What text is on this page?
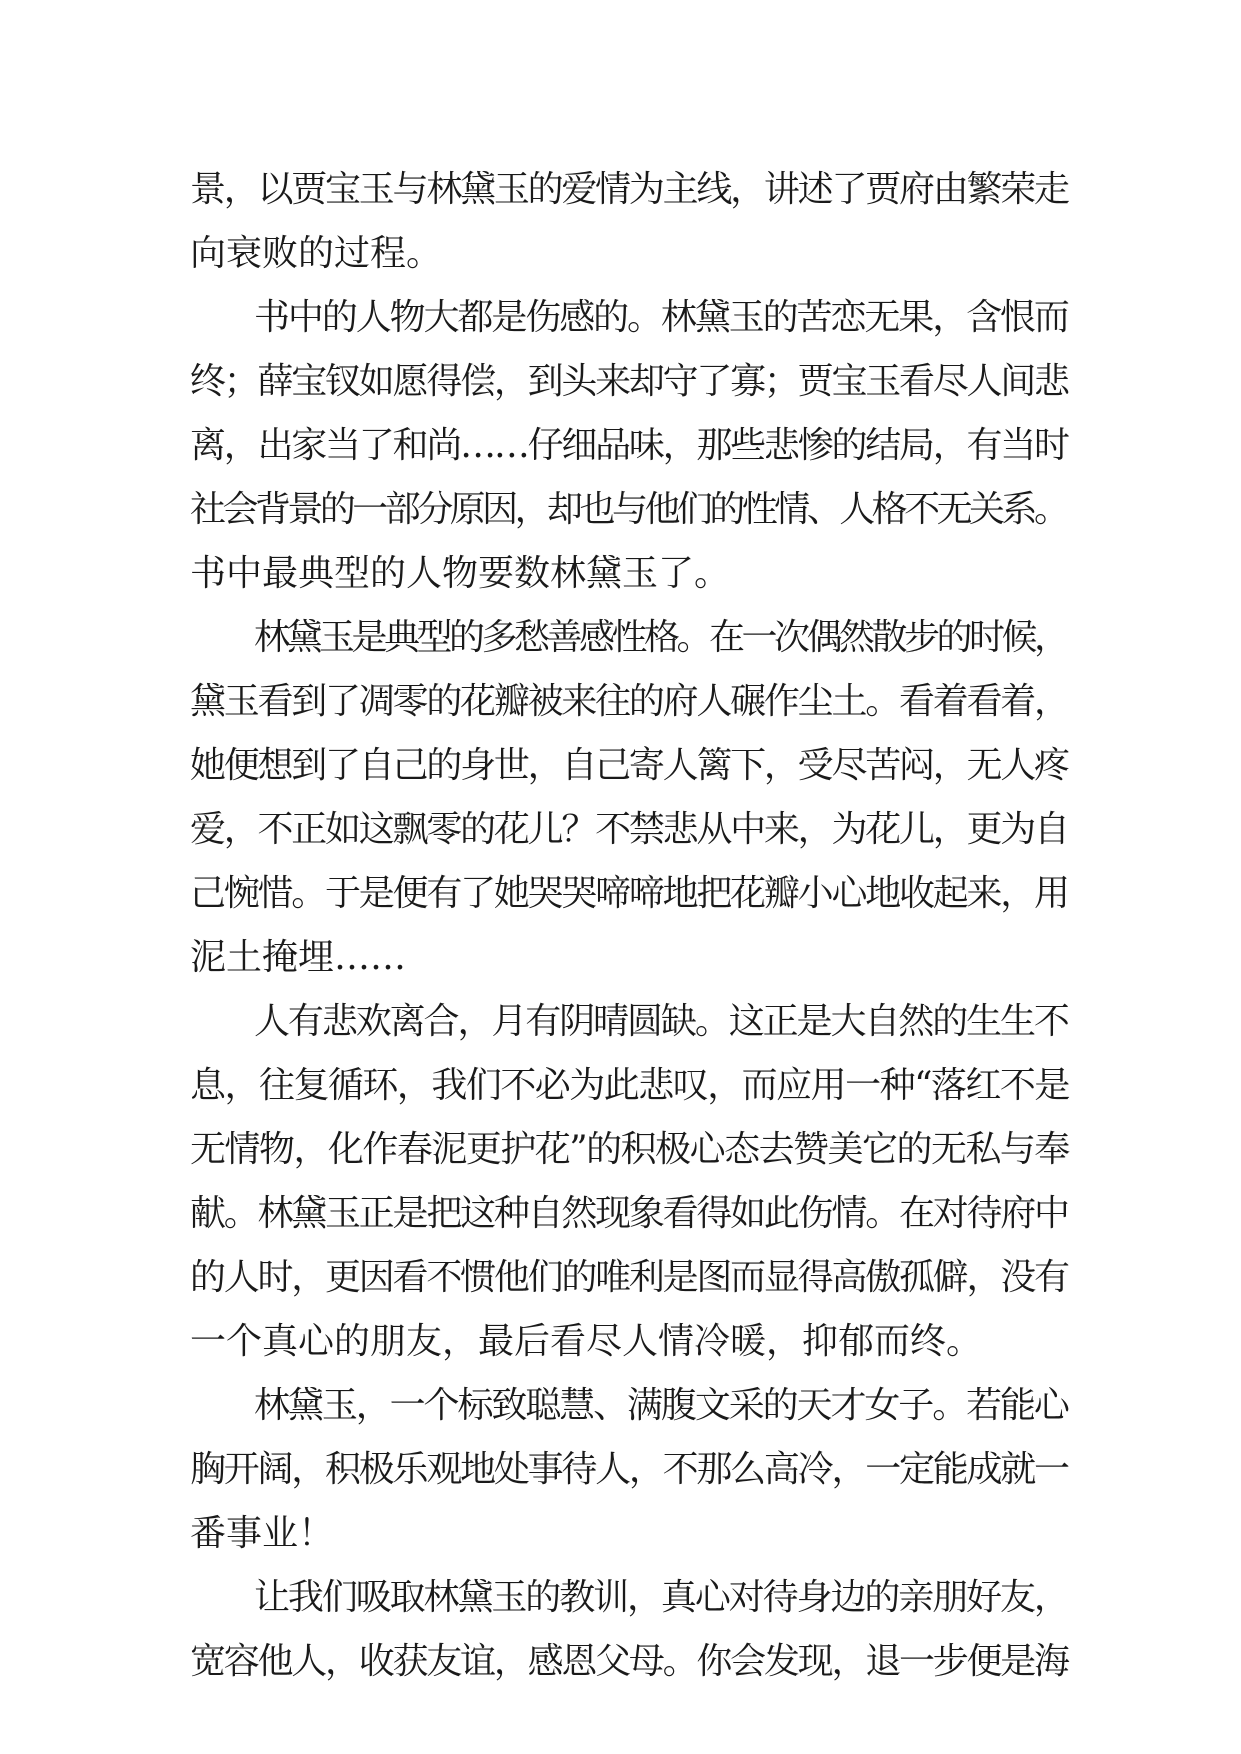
景，以贾宝玉与林黛玉的爱情为主线，讲述了贾府由繁荣走
向衰败的过程。
书中的人物大都是伤感的。林黛玉的苦恋无果，含恨而
终；薛宝钗如愿得偿，到头来却守了寡；贾宝玉看尽人间悲
离，出家当了和尚……仔细品味，那些悲惨的结局，有当时
社会背景的一部分原因，却也与他们的性情、人格不无关系。
书中最典型的人物要数林黛玉了。
林黛玉是典型的多愁善感性格。在一次偶然散步的时候，
黛玉看到了凋零的花瓣被来往的府人碾作尘土。看着看着，
她便想到了自己的身世，自己寄人篱下，受尽苦闷，无人疼
爱，不正如这飘零的花儿？不禁悲从中来，为花儿，更为自
己惋惜。于是便有了她哭哭啼啼地把花瓣小心地收起来，用
泥土掩埋……
人有悲欢离合，月有阴晴圆缺。这正是大自然的生生不
息，往复循环，我们不必为此悲叹，而应用一种“落红不是
无情物，化作春泥更护花”的积极心态去赞美它的无私与奉
献。林黛玉正是把这种自然现象看得如此伤情。在对待府中
的人时，更因看不惯他们的唯利是图而显得高傲孤僻，没有
一个真心的朋友，最后看尽人情冷暖，抑郁而终。
林黛玉，一个标致聪慧、满腹文采的天才女子。若能心
胸开阔，积极乐观地处事待人，不那么高冷，一定能成就一
番事业！
让我们吸取林黛玉的教训，真心对待身边的亲朋好友，
宽容他人，收获友谊，感恩父母。你会发现，退一步便是海
